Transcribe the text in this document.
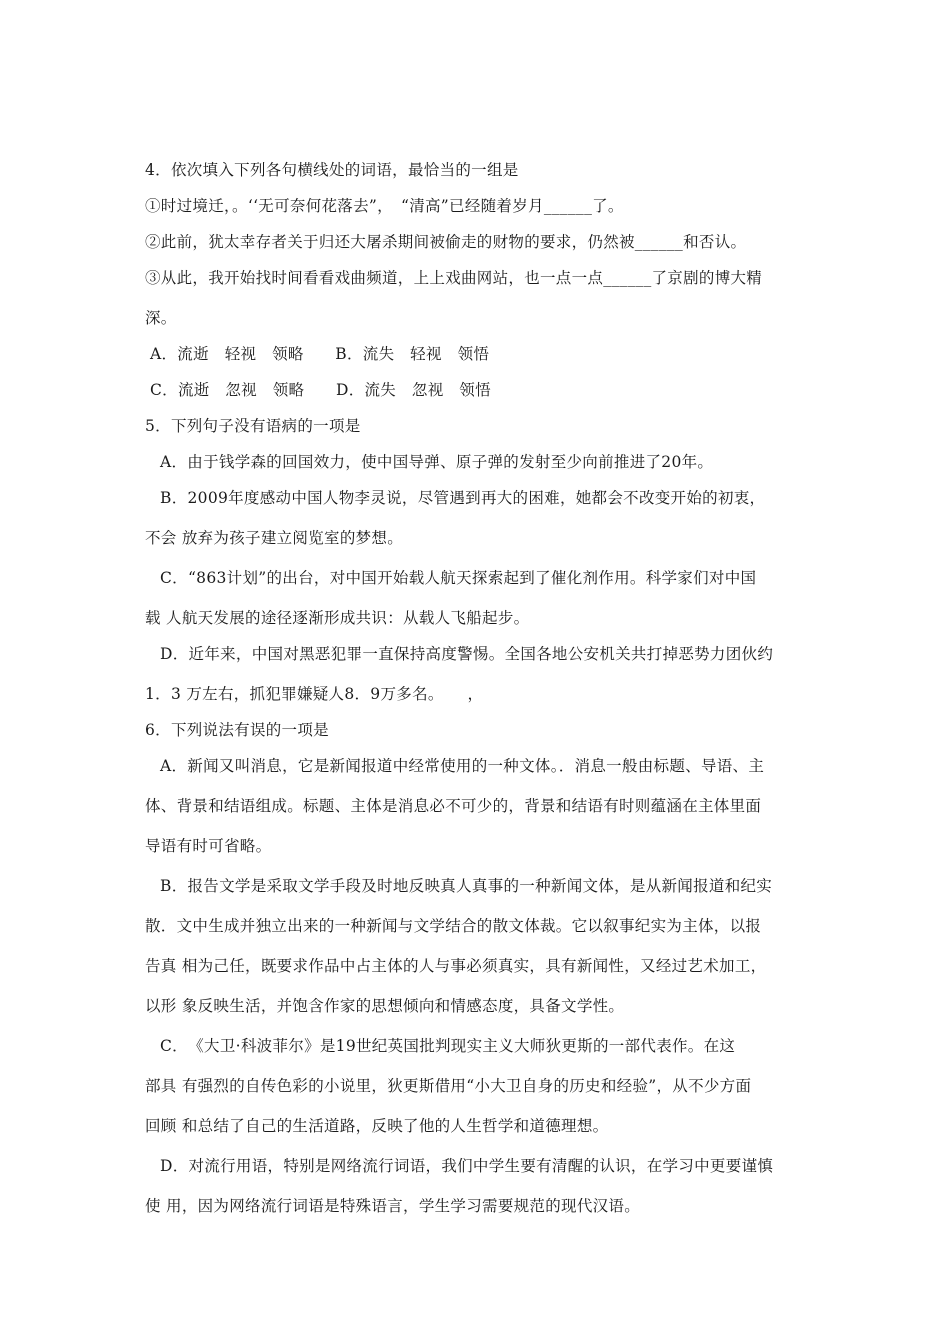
4．依次填入下列各句横线处的词语，最恰当的一组是
①时过境迁，。‘‘无可奈何花落去”，　“清高”已经随着岁月______了。
②此前，犹太幸存者关于归还大屠杀期间被偷走的财物的要求，仍然被______和否认。
③从此，我开始找时间看看戏曲频道，上上戏曲网站，也一点一点______了京剧的博大精
深。
A．流逝　轻视　领略　　B．流失　轻视　领悟
C．流逝　忽视　领略　　D．流失　忽视　领悟
5．下列句子没有语病的一项是
A．由于钱学森的回国效力，使中国导弹、原子弹的发射至少向前推进了20年。
B．2009年度感动中国人物李灵说，尽管遇到再大的困难，她都会不改变开始的初衷，
不会 放弃为孩子建立阅览室的梦想。
C．“863计划”的出台，对中国开始载人航天探索起到了催化剂作用。科学家们对中国
载 人航天发展的途径逐渐形成共识：从载人飞船起步。
D．近年来，中国对黑恶犯罪一直保持高度警惕。全国各地公安机关共打掉恶势力团伙约
1．3 万左右，抓犯罪嫌疑人8．9万多名。　　，
6．下列说法有误的一项是
A．新闻又叫消息，它是新闻报道中经常使用的一种文体。．消息一般由标题、导语、主
体、背景和结语组成。标题、主体是消息必不可少的，背景和结语有时则蕴涵在主体里面
导语有时可省略。
B．报告文学是采取文学手段及时地反映真人真事的一种新闻文体，是从新闻报道和纪实
散．文中生成并独立出来的一种新闻与文学结合的散文体裁。它以叙事纪实为主体，以报
告真 相为己任，既要求作品中占主体的人与事必须真实，具有新闻性，又经过艺术加工，
以形 象反映生活，并饱含作家的思想倾向和情感态度，具备文学性。
C．　《大卫·科波菲尔》是19世纪英国批判现实主义大师狄更斯的一部代表作。在这
部具 有强烈的自传色彩的小说里，狄更斯借用“小大卫自身的历史和经验”，从不少方面
回顾 和总结了自己的生活道路，反映了他的人生哲学和道德理想。
D．对流行用语，特别是网络流行词语，我们中学生要有清醒的认识，在学习中更要谨慎
使 用，因为网络流行词语是特殊语言，学生学习需要规范的现代汉语。
